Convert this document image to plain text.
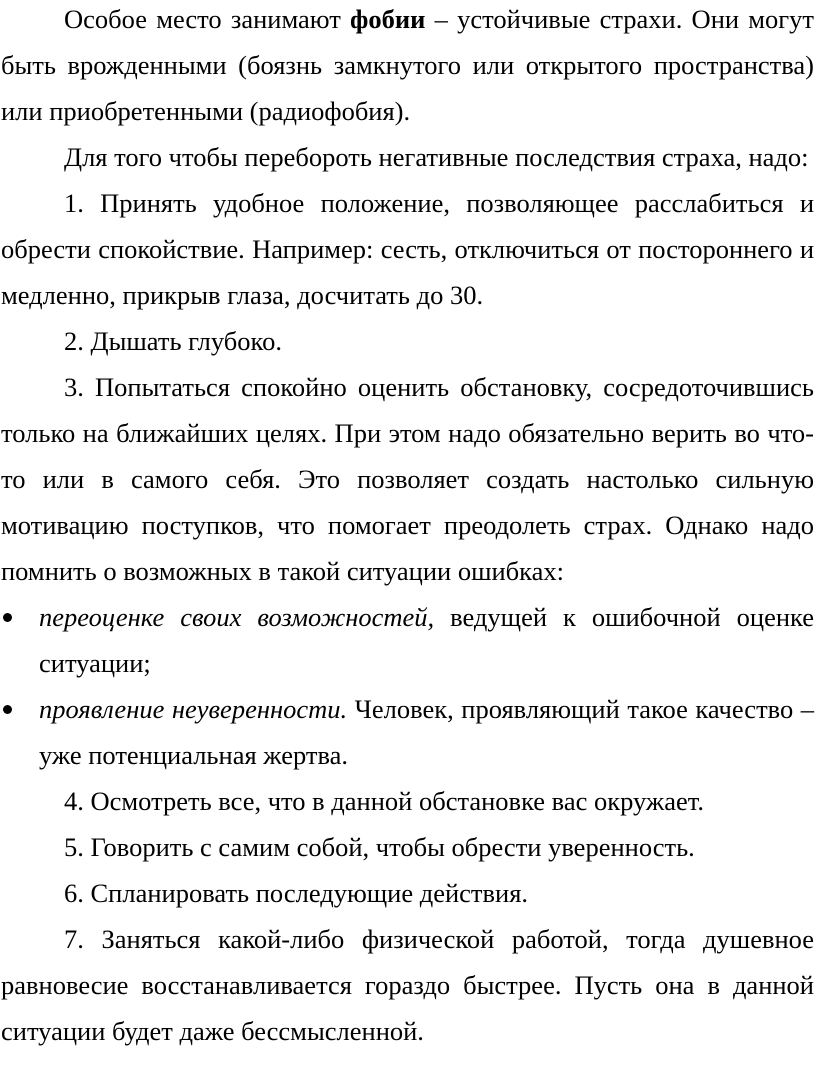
Особое место занимают фобии – устойчивые страхи. Они могут быть врожденными (боязнь замкнутого или открытого пространства) или приобретенными (радиофобия).

Для того чтобы перебороть негативные последствия страха, надо:

1. Принять удобное положение, позволяющее расслабиться и обрести спокойствие. Например: сесть, отключиться от постороннего и медленно, прикрыв глаза, досчитать до 30.

2. Дышать глубоко.

3. Попытаться спокойно оценить обстановку, сосредоточившись только на ближайших целях. При этом надо обязательно верить во что-то или в самого себя. Это позволяет создать настолько сильную мотивацию поступков, что помогает преодолеть страх. Однако надо помнить о возможных в такой ситуации ошибках:

переоценке своих возможностей, ведущей к ошибочной оценке ситуации;
проявление неуверенности. Человек, проявляющий такое качество – уже потенциальная жертва.

4. Осмотреть все, что в данной обстановке вас окружает.

5. Говорить с самим собой, чтобы обрести уверенность.

6. Спланировать последующие действия.

7. Заняться какой-либо физической работой, тогда душевное равновесие восстанавливается гораздо быстрее. Пусть она в данной ситуации будет даже бессмысленной.
